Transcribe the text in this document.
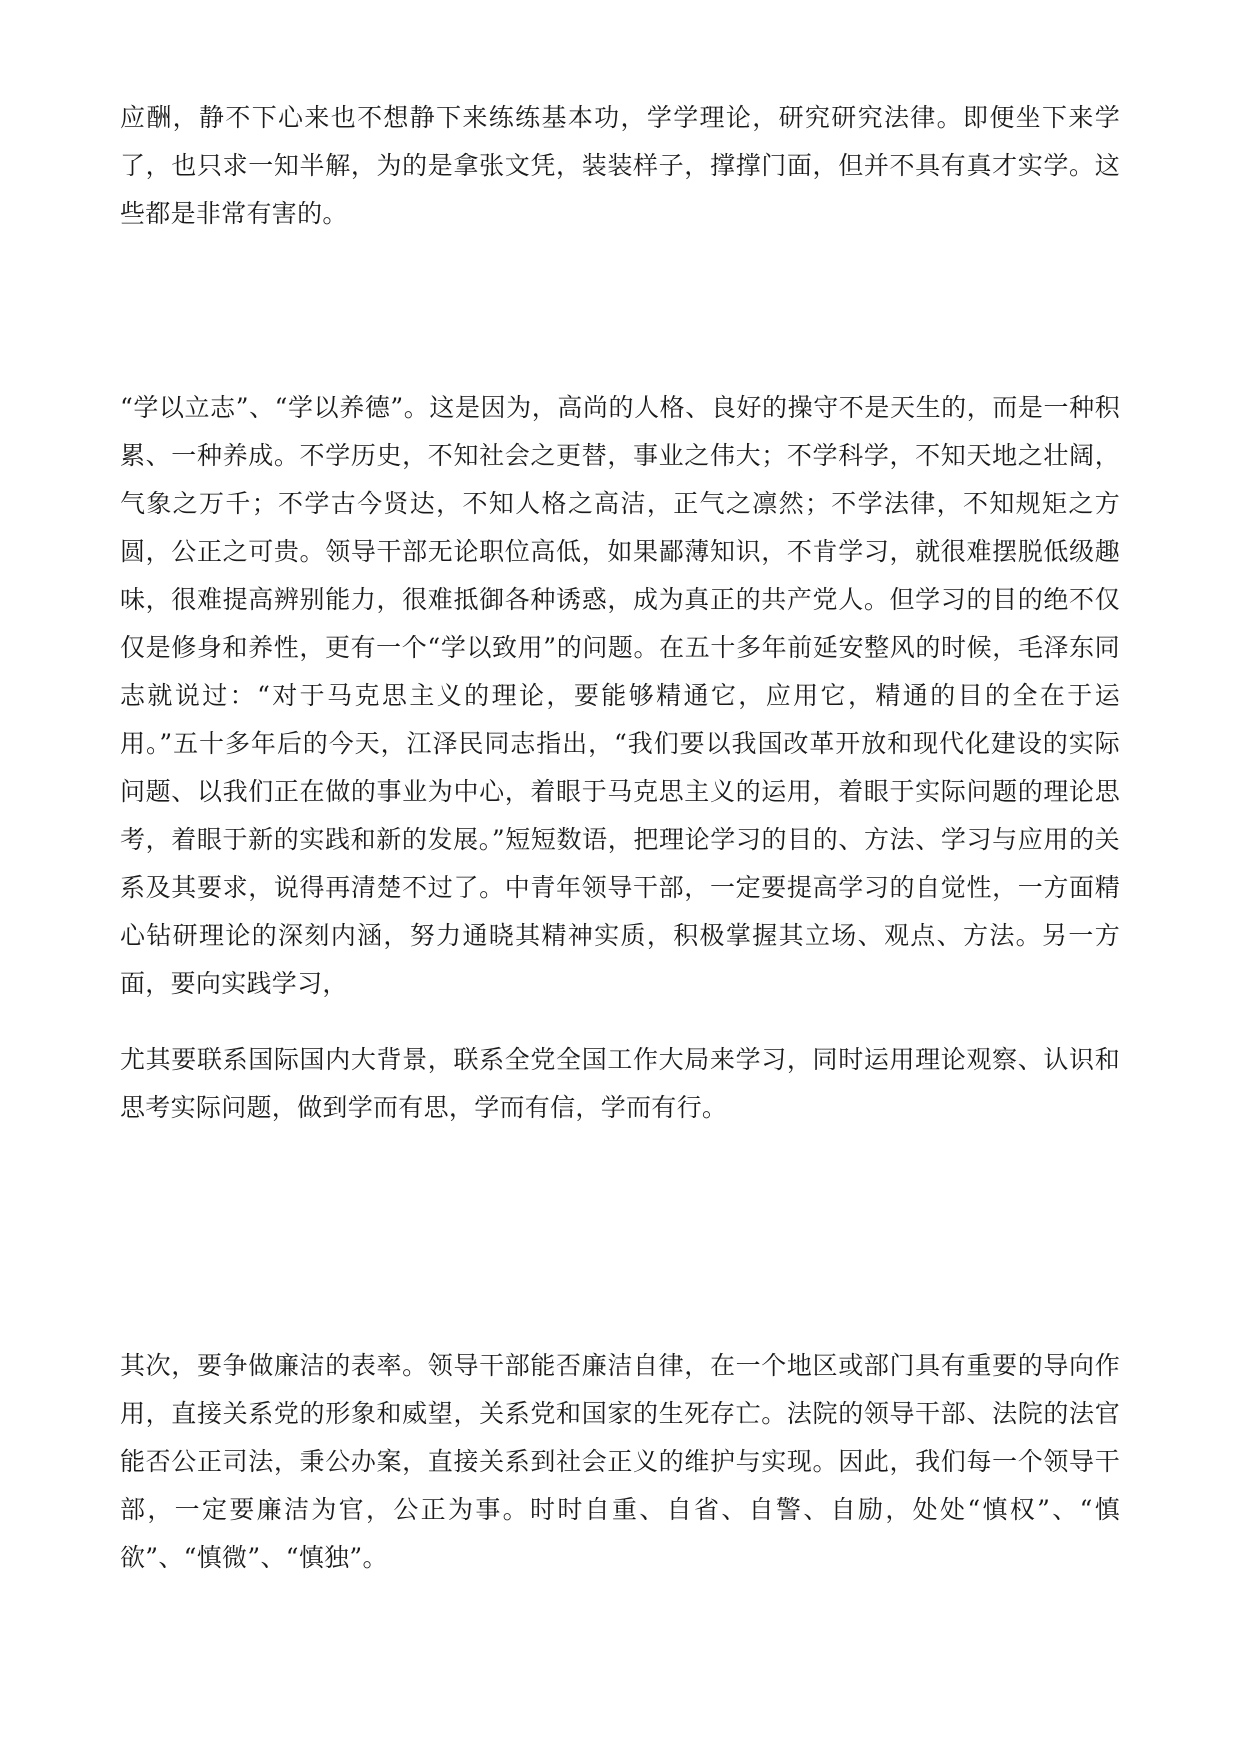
应酬，静不下心来也不想静下来练练基本功，学学理论，研究研究法律。即便坐下来学了，也只求一知半解，为的是拿张文凭，装装样子，撑撑门面，但并不具有真才实学。这些都是非常有害的。

“学以立志”、“学以养德”。这是因为，高尚的人格、良好的操守不是天生的，而是一种积累、一种养成。不学历史，不知社会之更替，事业之伟大；不学科学，不知天地之壮阔，气象之万千；不学古今贤达，不知人格之高洁，正气之凛然；不学法律，不知规矩之方圆，公正之可贵。领导干部无论职位高低，如果鄙薄知识，不肯学习，就很难摆脱低级趣味，很难提高辨别能力，很难抵御各种诱惑，成为真正的共产党人。但学习的目的绝不仅仅是修身和养性，更有一个“学以致用”的问题。在五十多年前延安整风的时候，毛泽东同志就说过：“对于马克思主义的理论，要能够精通它，应用它，精通的目的全在于运用。”五十多年后的今天，江泽民同志指出，“我们要以我国改革开放和现代化建设的实际问题、以我们正在做的事业为中心，着眼于马克思主义的运用，着眼于实际问题的理论思考，着眼于新的实践和新的发展。”短短数语，把理论学习的目的、方法、学习与应用的关系及其要求，说得再清楚不过了。中青年领导干部，一定要提高学习的自觉性，一方面精心钻研理论的深刻内涵，努力通晓其精神实质，积极掌握其立场、观点、方法。另一方面，要向实践学习，

尤其要联系国际国内大背景，联系全党全国工作大局来学习，同时运用理论观察、认识和思考实际问题，做到学而有思，学而有信，学而有行。

其次，要争做廉洁的表率。领导干部能否廉洁自律，在一个地区或部门具有重要的导向作用，直接关系党的形象和威望，关系党和国家的生死存亡。法院的领导干部、法院的法官能否公正司法，秉公办案，直接关系到社会正义的维护与实现。因此，我们每一个领导干部，一定要廉洁为官，公正为事。时时自重、自省、自警、自励，处处“慎权”、“慎欲”、“慎微”、“慎独”。
